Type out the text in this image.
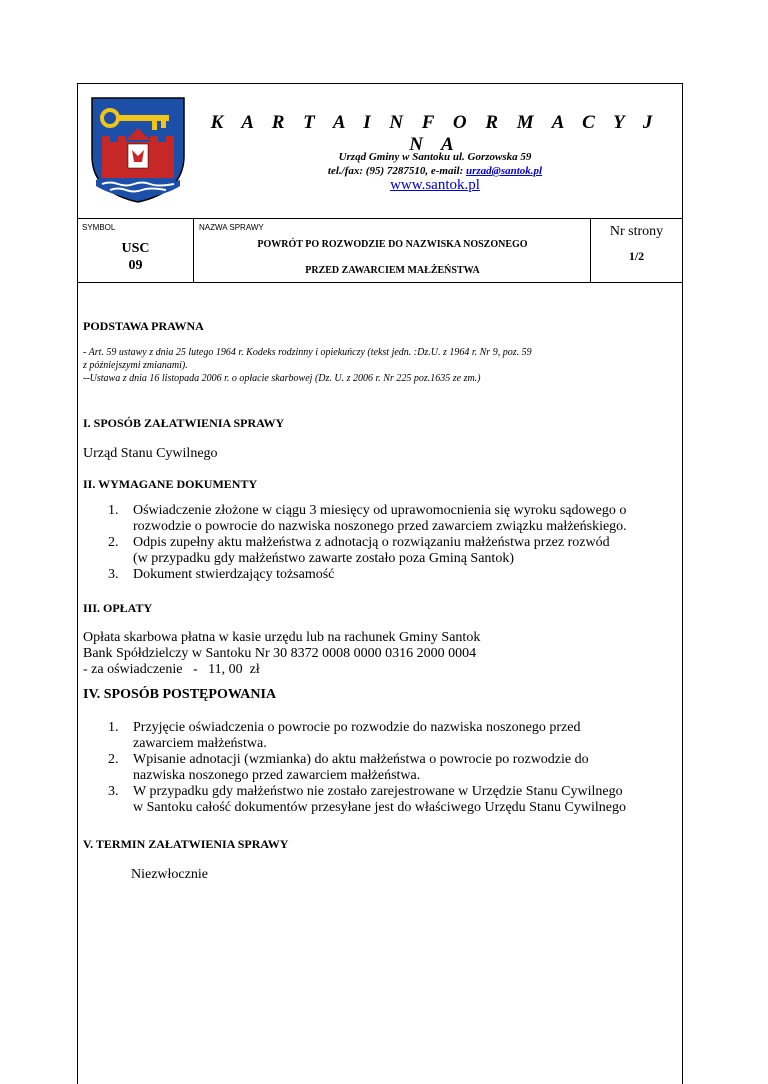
K A R T A I N F O R M A C Y J N A
Urząd Gminy w Santoku ul. Gorzowska 59
tel./fax: (95) 7287510, e-mail: urzad@santok.pl
www.santok.pl
SYMBOL
USC
09
NAZWA SPRAWY
POWRÓT PO ROZWODZIE DO NAZWISKA NOSZONEGO
PRZED ZAWARCIEM MAŁŻEŃSTWA
Nr strony
1/2
PODSTAWA PRAWNA
- Art. 59 ustawy z dnia 25 lutego 1964 r. Kodeks rodzinny i opiekuńczy (tekst jedn. :Dz.U. z 1964 r. Nr 9, poz. 59
z późniejszymi zmianami).
--Ustawa z dnia 16 listopada 2006 r. o opłacie skarbowej (Dz. U. z 2006 r. Nr 225 poz.1635 ze zm.)
I. SPOSÓB ZAŁATWIENIA SPRAWY
Urząd Stanu Cywilnego
II. WYMAGANE DOKUMENTY
1. Oświadczenie złożone w ciągu 3 miesięcy od uprawomocnienia się wyroku sądowego o
rozwodzie o powrocie do nazwiska noszonego przed zawarciem związku małżeńskiego.
2. Odpis zupełny aktu małżeństwa z adnotacją o rozwiązaniu małżeństwa przez rozwód
(w przypadku gdy małżeństwo zawarte zostało poza Gminą Santok)
3. Dokument stwierdzający tożsamość
III. OPŁATY
Opłata skarbowa płatna w kasie urzędu lub na rachunek Gminy Santok
Bank Spółdzielczy w Santoku Nr 30 8372 0008 0000 0316 2000 0004
- za oświadczenie   -   11, 00  zł
IV. SPOSÓB POSTĘPOWANIA
1. Przyjęcie oświadczenia o powrocie po rozwodzie do nazwiska noszonego przed
zawarciem małżeństwa.
2. Wpisanie adnotacji (wzmianka) do aktu małżeństwa o powrocie po rozwodzie do
nazwiska noszonego przed zawarciem małżeństwa.
3. W przypadku gdy małżeństwo nie zostało zarejestrowane w Urzędzie Stanu Cywilnego
w Santoku całość dokumentów przesyłane jest do właściwego Urzędu Stanu Cywilnego
V. TERMIN ZAŁATWIENIA SPRAWY
Niezwłocznie
